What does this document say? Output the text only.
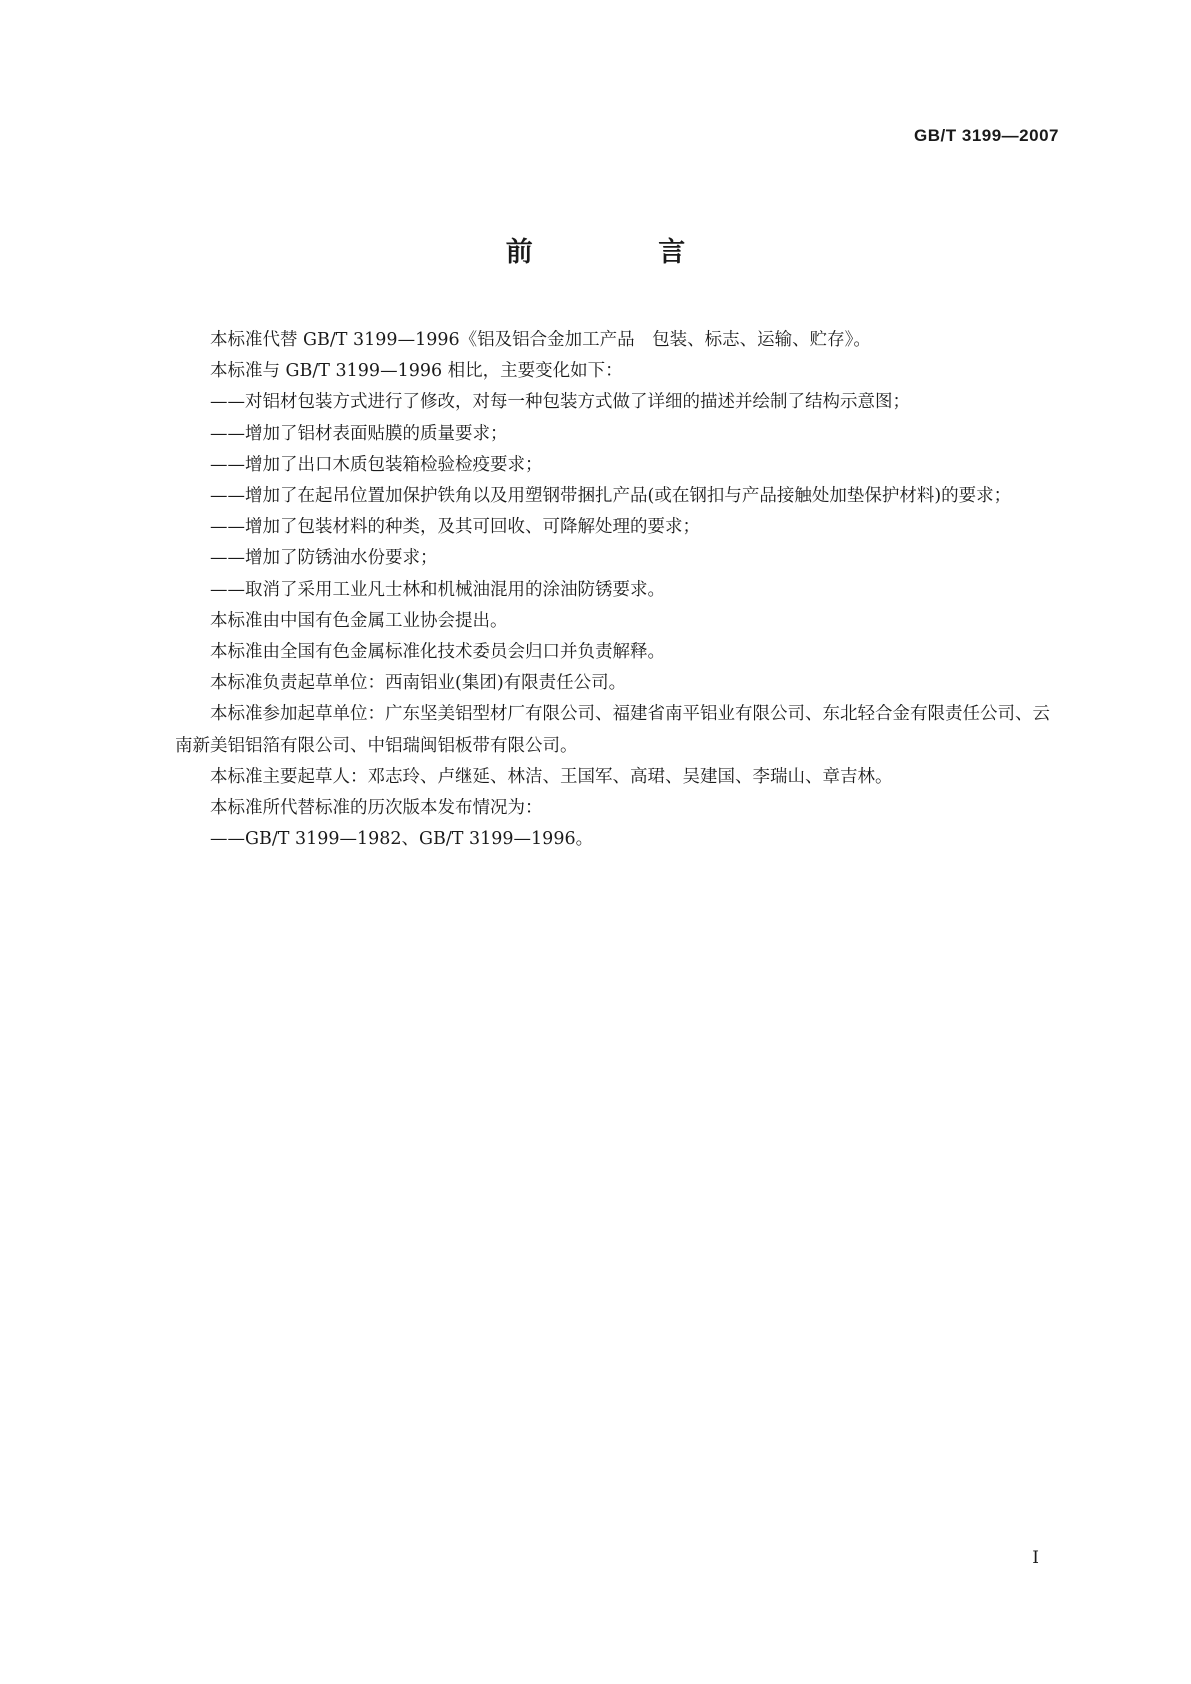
GB/T 3199—2007
前 言

本标准代替 GB/T 3199—1996《铝及铝合金加工产品　包装、标志、运输、贮存》。

本标准与 GB/T 3199—1996 相比，主要变化如下：

——对铝材包装方式进行了修改，对每一种包装方式做了详细的描述并绘制了结构示意图；

——增加了铝材表面贴膜的质量要求；

——增加了出口木质包装箱检验检疫要求；

——增加了在起吊位置加保护铁角以及用塑钢带捆扎产品(或在钢扣与产品接触处加垫保护材料)的要求；

——增加了包装材料的种类，及其可回收、可降解处理的要求；

——增加了防锈油水份要求；

——取消了采用工业凡士林和机械油混用的涂油防锈要求。

本标准由中国有色金属工业协会提出。

本标准由全国有色金属标准化技术委员会归口并负责解释。

本标准负责起草单位：西南铝业(集团)有限责任公司。

本标准参加起草单位：广东坚美铝型材厂有限公司、福建省南平铝业有限公司、东北轻合金有限责任公司、云南新美铝铝箔有限公司、中铝瑞闽铝板带有限公司。

本标准主要起草人：邓志玲、卢继延、林洁、王国军、高珺、吴建国、李瑞山、章吉林。

本标准所代替标准的历次版本发布情况为：

——GB/T 3199—1982、GB/T 3199—1996。

I
